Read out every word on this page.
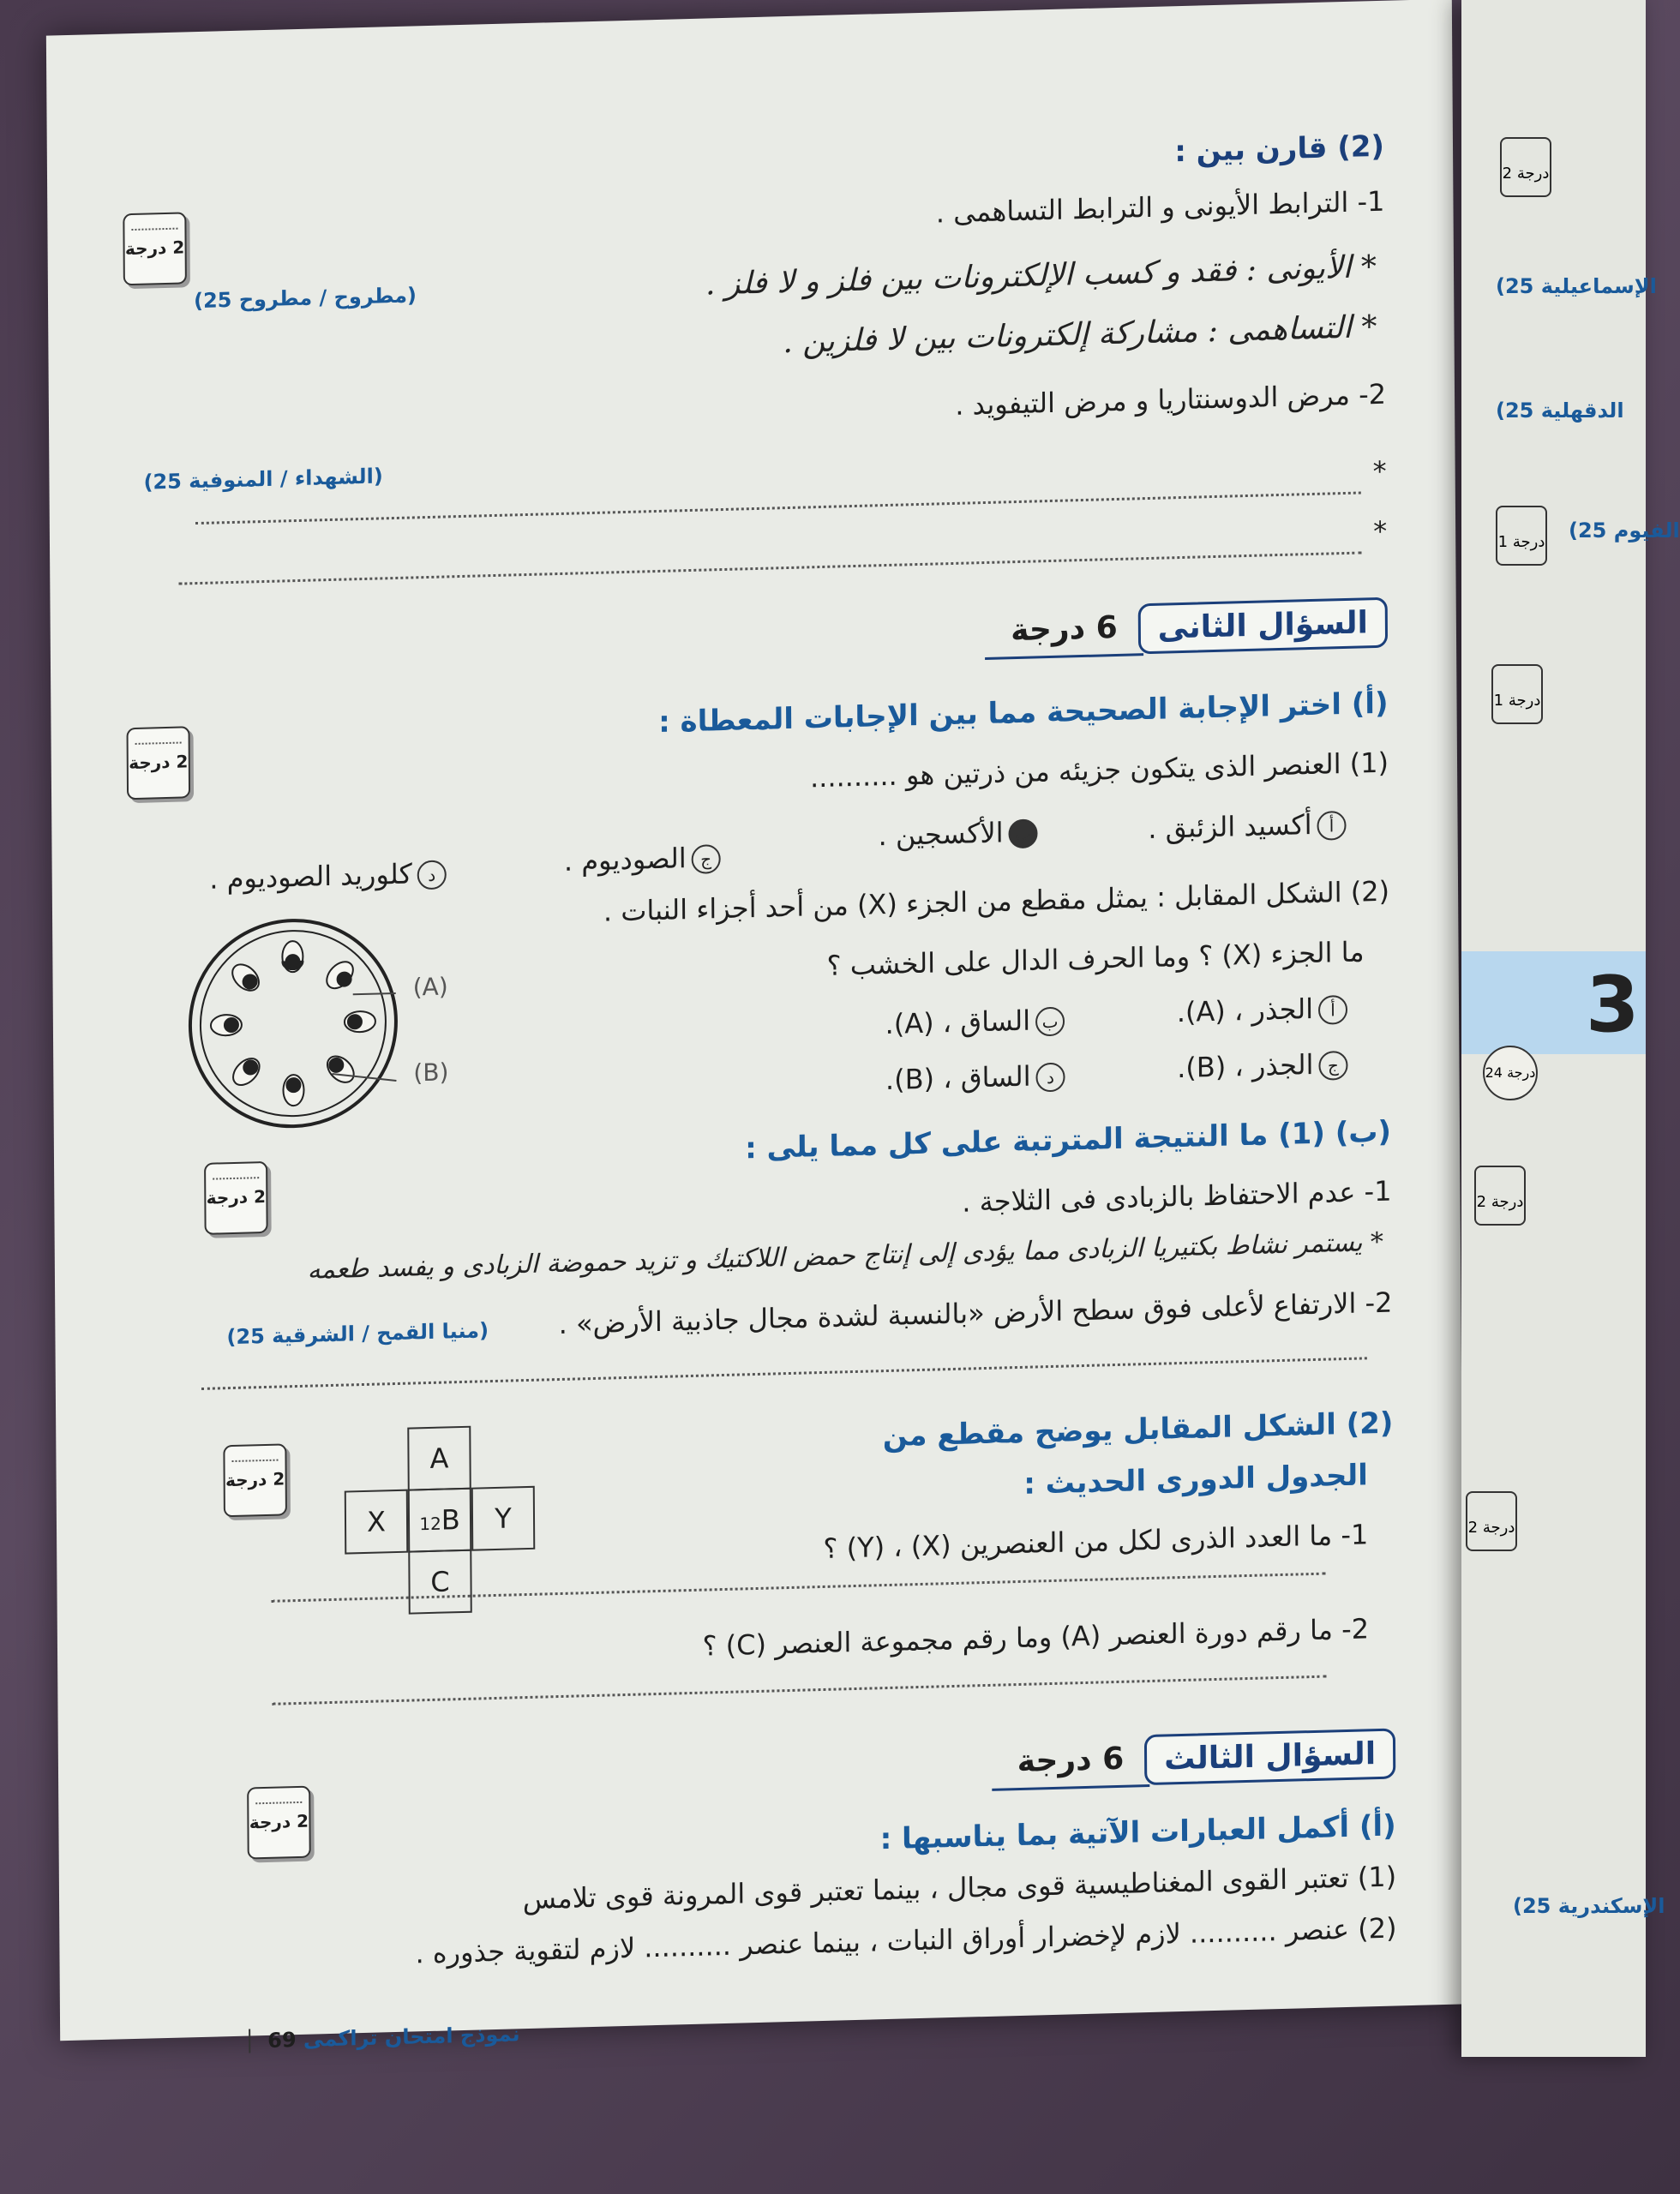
(2) قارن بين :
2 درجة
1- الترابط الأيونى و الترابط التساهمى .
(مطروح / مطروح 25)	* الأيونى : فقد و كسب الإلكترونات بين فلز و لا فلز .
* التساهمى : مشاركة إلكترونات بين لا فلزين .
2- مرض الدوسنتاريا و مرض التيفويد .
(الشهداء / المنوفية 25)	*
*
السؤال الثانى
6 درجة
(أ) اختر الإجابة الصحيحة مما بين الإجابات المعطاة :
2 درجة	(1) العنصر الذى يتكون جزيئه من ذرتين هو ..........
أأكسيد الزئبق .
بالأكسجين .
جالصوديوم .
دكلوريد الصوديوم .
(2) الشكل المقابل : يمثل مقطع من الجزء (X) من أحد أجزاء النبات .
ما الجزء (X) ؟ وما الحرف الدال على الخشب ؟
أالجذر ، (A).
بالساق ، (A).
جالجذر ، (B).
دالساق ، (B).
(A)
(B)
(ب) (1) ما النتيجة المترتبة على كل مما يلى :
2 درجة	1- عدم الاحتفاظ بالزبادى فى الثلاجة .
* يستمر نشاط بكتيريا الزبادى مما يؤدى إلى إنتاج حمض اللاكتيك و تزيد حموضة الزبادى و يفسد طعمه
2- الارتفاع لأعلى فوق سطح الأرض «بالنسبة لشدة مجال جاذبية الأرض» .
(منيا القمح / الشرقية 25)
(2) الشكل المقابل يوضح مقطع من
الجدول الدورى الحديث :
2 درجة
A
X	12B	Y
C
1- ما العدد الذرى لكل من العنصرين (X) ، (Y) ؟
2- ما رقم دورة العنصر (A) وما رقم مجموعة العنصر (C) ؟
السؤال الثالث
6 درجة
2 درجة	(أ) أكمل العبارات الآتية بما يناسبها :
(1) تعتبر القوى المغناطيسية قوى مجال ، بينما تعتبر قوى المرونة قوى تلامس
(2) عنصر .......... لازم لإخضرار أوراق النبات ، بينما عنصر .......... لازم لتقوية جذوره .
نموذج امتحان تراكمى 69
2 درجة
(الإسماعيلية 25
(الدقهلية 25
1 درجة (الفيوم 25
1 درجة
3
24 درجة
2 درجة
2 درجة
(الإسكندرية 25
